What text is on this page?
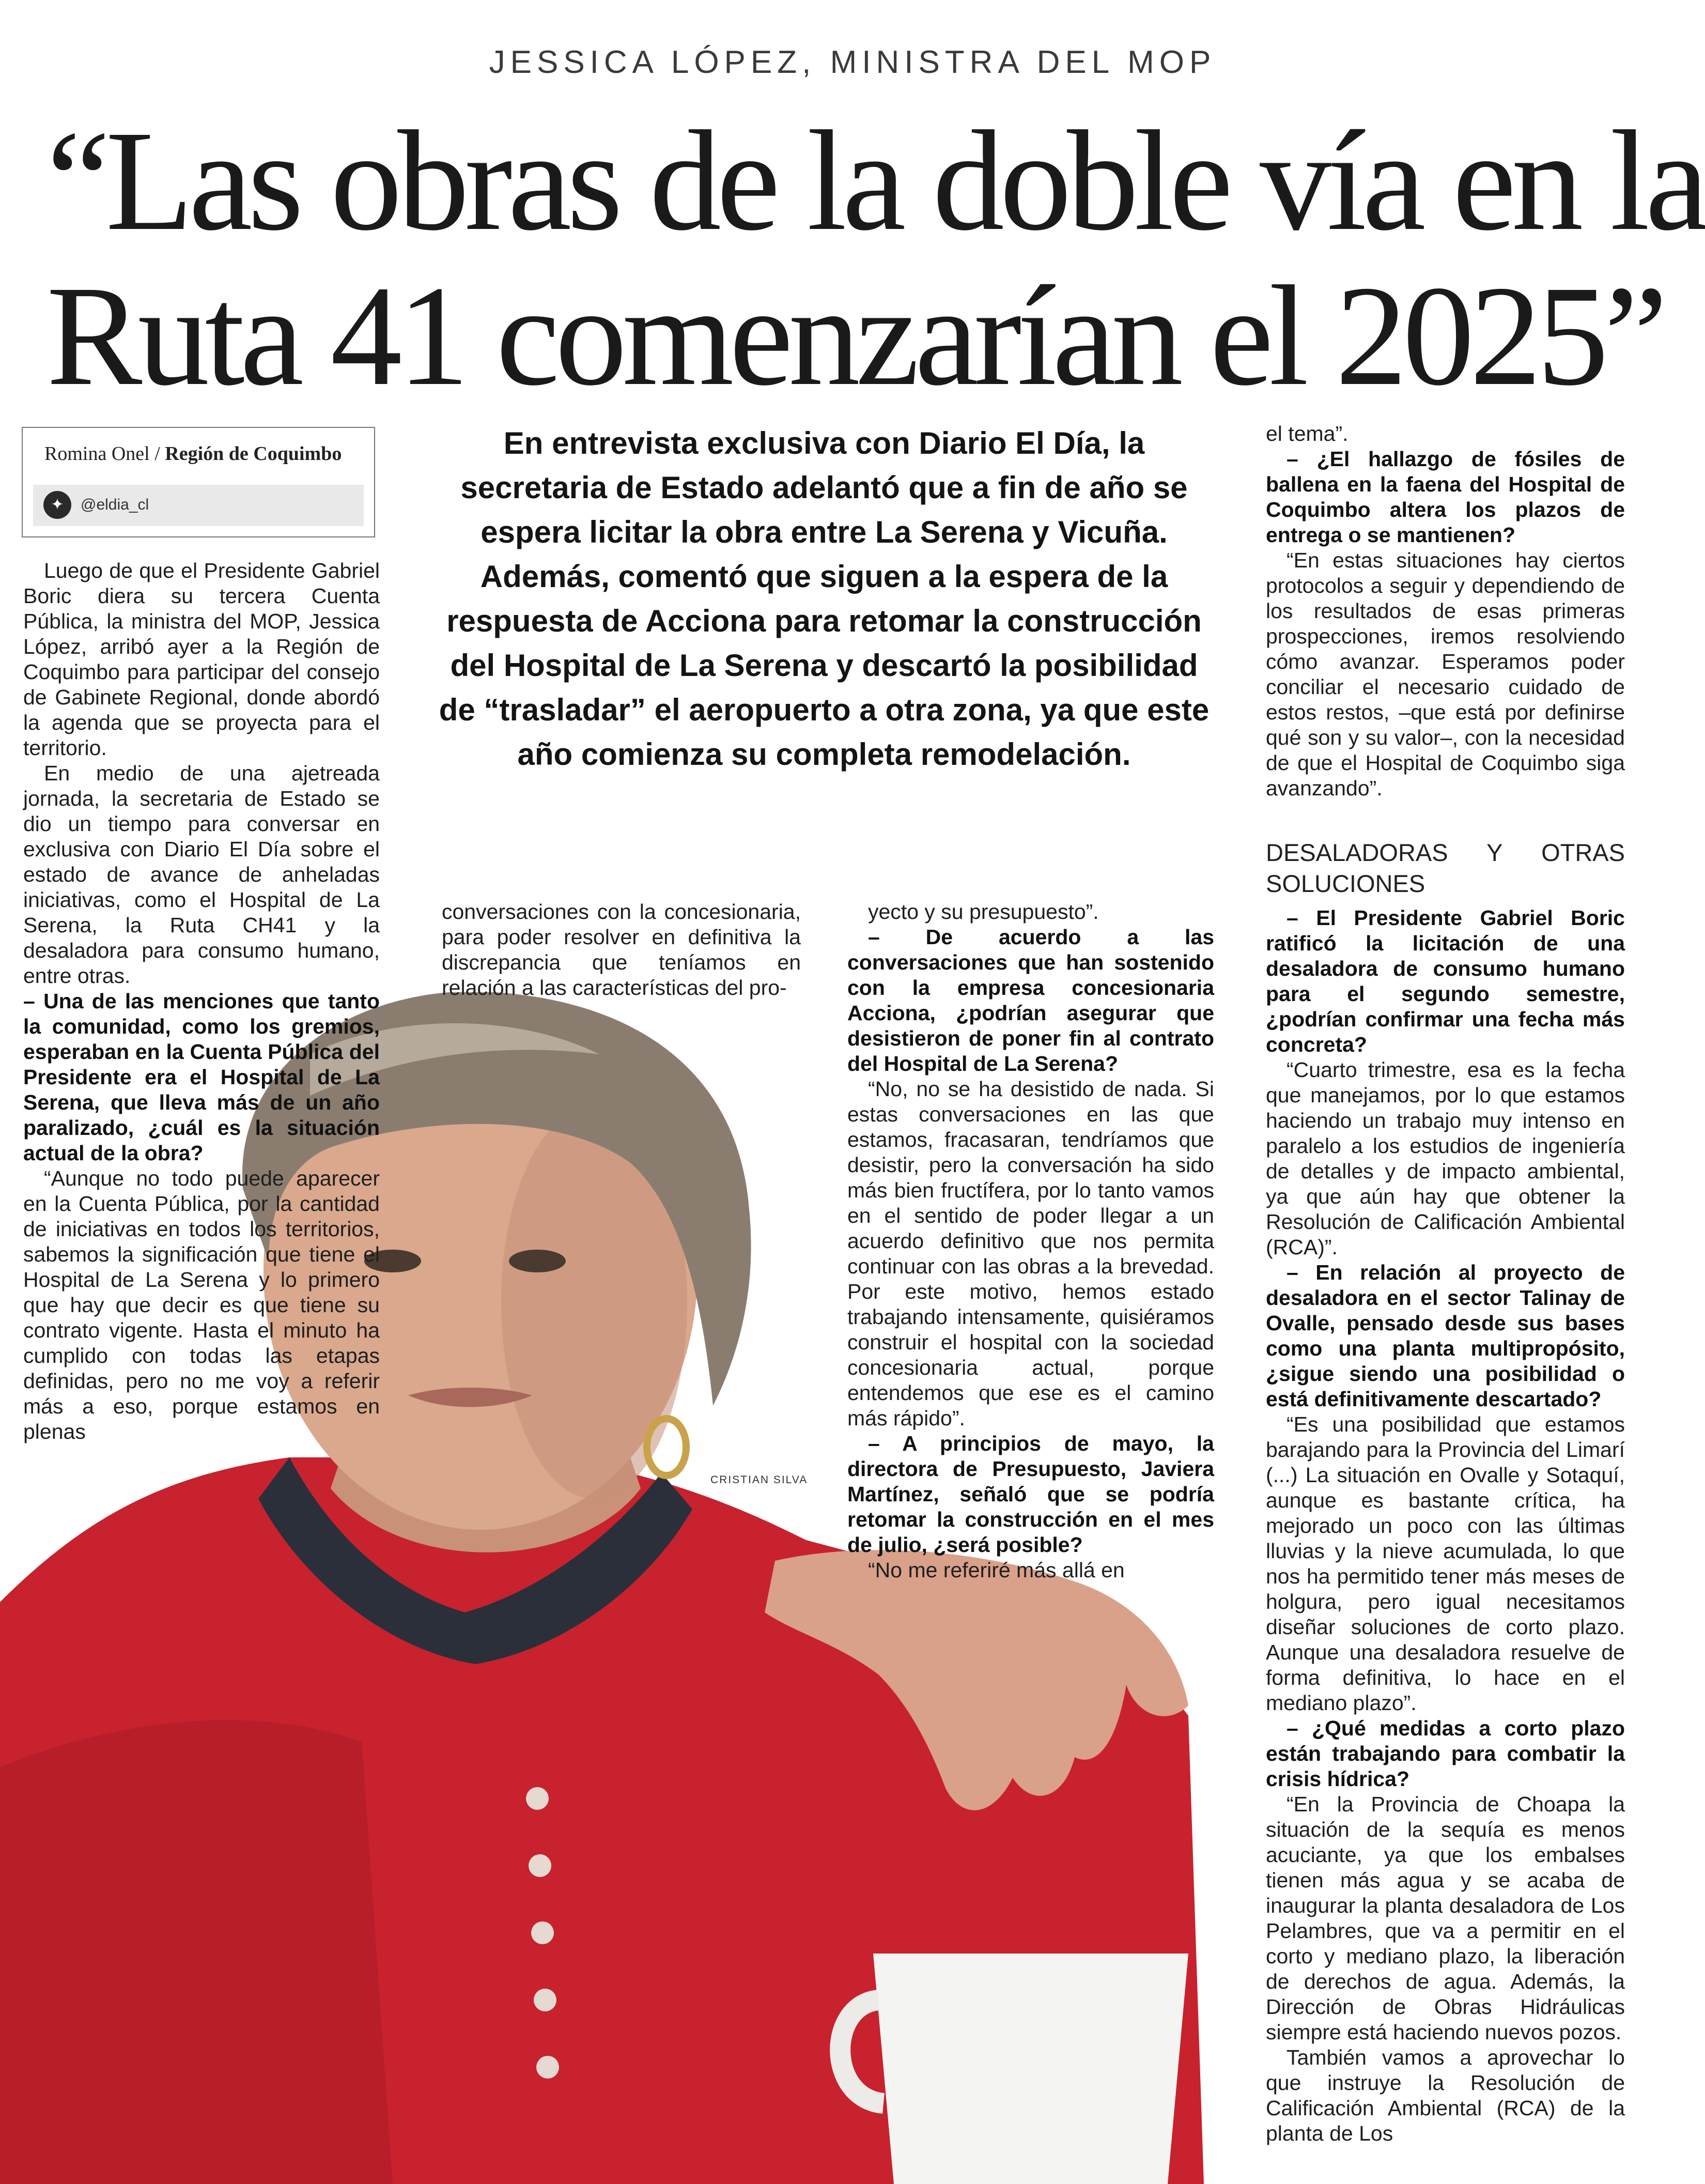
JESSICA LÓPEZ, MINISTRA DEL MOP
“Las obras de la doble vía en la
Ruta 41 comenzarían el 2025”
Romina Onel / Región de Coquimbo
✦	@eldia_cl
En entrevista exclusiva con Diario El Día, la secretaria de Estado adelantó que a fin de año se espera licitar la obra entre La Serena y Vicuña. Además, comentó que siguen a la espera de la respuesta de Acciona para retomar la construcción del Hospital de La Serena y descartó la posibilidad de “trasladar” el aeropuerto a otra zona, ya que este año comienza su completa remodelación.
CRISTIAN SILVA

Luego de que el Presidente Gabriel Boric diera su tercera Cuenta Pública, la ministra del MOP, Jessica López, arribó ayer a la Región de Coquimbo para participar del consejo de Gabinete Regional, donde abordó la agenda que se proyecta para el territorio.

En medio de una ajetreada jornada, la secretaria de Estado se dio un tiempo para conversar en exclusiva con Diario El Día sobre el estado de avance de anheladas iniciativas, como el Hospital de La Serena, la Ruta CH41 y la desaladora para consumo humano, entre otras.

– Una de las menciones que tanto la comunidad, como los gremios, esperaban en la Cuenta Pública del Presidente era el Hospital de La Serena, que lleva más de un año paralizado, ¿cuál es la situación actual de la obra?

“Aunque no todo puede aparecer en la Cuenta Pública, por la cantidad de iniciativas en todos los territorios, sabemos la significación que tiene el Hospital de La Serena y lo primero que hay que decir es que tiene su contrato vigente. Hasta el minuto ha cumplido con todas las etapas definidas, pero no me voy a referir más a eso, porque estamos en plenas

conversaciones con la concesionaria, para poder resolver en definitiva la discrepancia que teníamos en relación a las características del pro-

yecto y su presupuesto”.

– De acuerdo a las conversaciones que han sostenido con la empresa concesionaria Acciona, ¿podrían asegurar que desistieron de poner fin al contrato del Hospital de La Serena?

“No, no se ha desistido de nada. Si estas conversaciones en las que estamos, fracasaran, tendríamos que desistir, pero la conversación ha sido más bien fructífera, por lo tanto vamos en el sentido de poder llegar a un acuerdo definitivo que nos permita continuar con las obras a la brevedad. Por este motivo, hemos estado trabajando intensamente, quisiéramos construir el hospital con la sociedad concesionaria actual, porque entendemos que ese es el camino más rápido”.

– A principios de mayo, la directora de Presupuesto, Javiera Martínez, señaló que se podría retomar la construcción en el mes de julio, ¿será posible?

“No me referiré más allá en

el tema”.

– ¿El hallazgo de fósiles de ballena en la faena del Hospital de Coquimbo altera los plazos de entrega o se mantienen?

“En estas situaciones hay ciertos protocolos a seguir y dependiendo de los resultados de esas primeras prospecciones, iremos resolviendo cómo avanzar. Esperamos poder conciliar el necesario cuidado de estos restos, –que está por definirse qué son y su valor–, con la necesidad de que el Hospital de Coquimbo siga avanzando”.

DESALADORAS Y OTRAS SOLUCIONES

– El Presidente Gabriel Boric ratificó la licitación de una desaladora de consumo humano para el segundo semestre, ¿podrían confirmar una fecha más concreta?

“Cuarto trimestre, esa es la fecha que manejamos, por lo que estamos haciendo un trabajo muy intenso en paralelo a los estudios de ingeniería de detalles y de impacto ambiental, ya que aún hay que obtener la Resolución de Calificación Ambiental (RCA)”.

– En relación al proyecto de desaladora en el sector Talinay de Ovalle, pensado desde sus bases como una planta multipropósito, ¿sigue siendo una posibilidad o está definitivamente descartado?

“Es una posibilidad que estamos barajando para la Provincia del Limarí (...) La situación en Ovalle y Sotaquí, aunque es bastante crítica, ha mejorado un poco con las últimas lluvias y la nieve acumulada, lo que nos ha permitido tener más meses de holgura, pero igual necesitamos diseñar soluciones de corto plazo. Aunque una desaladora resuelve de forma definitiva, lo hace en el mediano plazo”.

– ¿Qué medidas a corto plazo están trabajando para combatir la crisis hídrica?

“En la Provincia de Choapa la situación de la sequía es menos acuciante, ya que los embalses tienen más agua y se acaba de inaugurar la planta desaladora de Los Pelambres, que va a permitir en el corto y mediano plazo, la liberación de derechos de agua. Además, la Dirección de Obras Hidráulicas siempre está haciendo nuevos pozos.

También vamos a aprovechar lo que instruye la Resolución de Calificación Ambiental (RCA) de la planta de Los
